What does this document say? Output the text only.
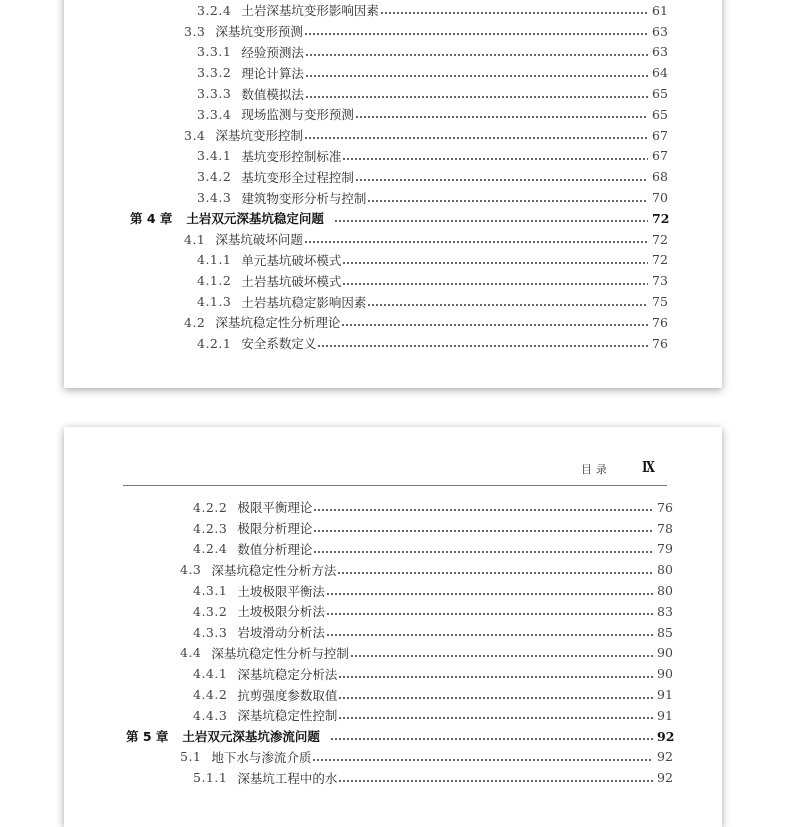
3.2.4 土岩深基坑变形影响因素	61
3.3 深基坑变形预测	63
3.3.1 经验预测法	63
3.3.2 理论计算法	64
3.3.3 数值模拟法	65
3.3.4 现场监测与变形预测	65
3.4 深基坑变形控制	67
3.4.1 基坑变形控制标准	67
3.4.2 基坑变形全过程控制	68
3.4.3 建筑物变形分析与控制	70
第 4 章 土岩双元深基坑稳定问题	72
4.1 深基坑破坏问题	72
4.1.1 单元基坑破坏模式	72
4.1.2 土岩基坑破坏模式	73
4.1.3 土岩基坑稳定影响因素	75
4.2 深基坑稳定性分析理论	76
4.2.1 安全系数定义	76
目录 Ⅸ
4.2.2 极限平衡理论	76
4.2.3 极限分析理论	78
4.2.4 数值分析理论	79
4.3 深基坑稳定性分析方法	80
4.3.1 土坡极限平衡法	80
4.3.2 土坡极限分析法	83
4.3.3 岩坡滑动分析法	85
4.4 深基坑稳定性分析与控制	90
4.4.1 深基坑稳定分析法	90
4.4.2 抗剪强度参数取值	91
4.4.3 深基坑稳定性控制	91
第 5 章 土岩双元深基坑渗流问题	92
5.1 地下水与渗流介质	92
5.1.1 深基坑工程中的水	92
